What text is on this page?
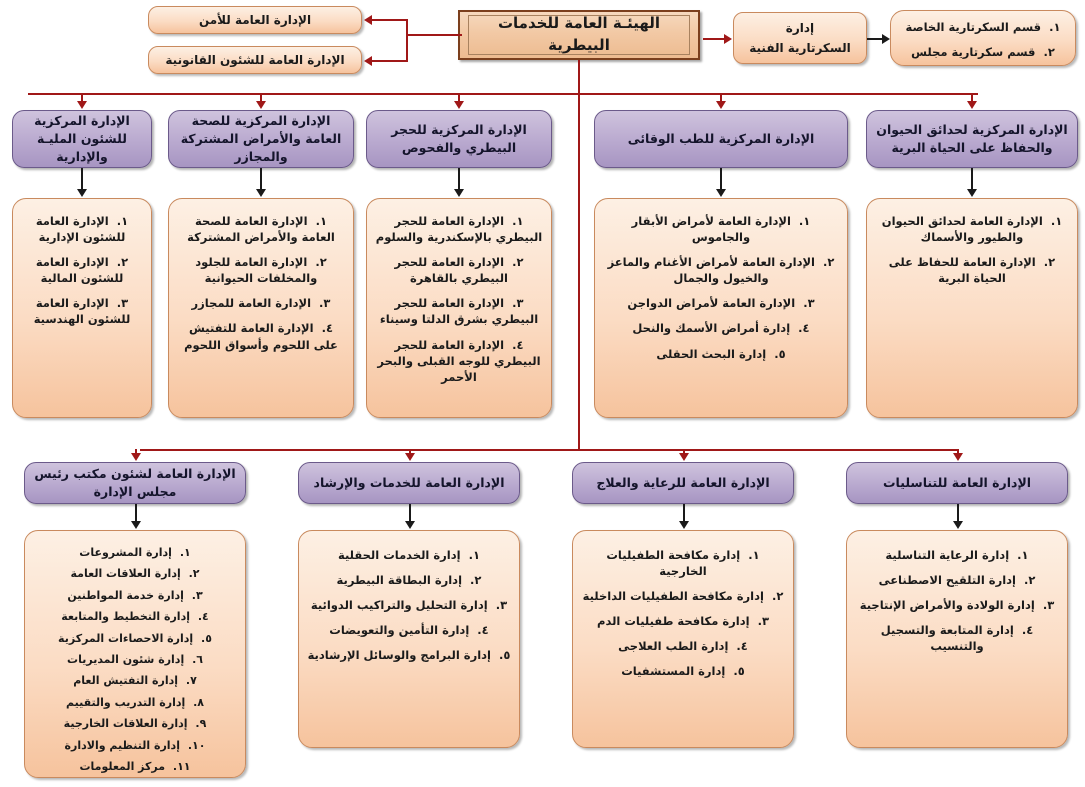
الهيئـة العامة للخدمات البيطرية
الإدارة العامة للأمن
الإدارة العامة للشئون القانونية
إدارة
السكرتارية الفنية
١. قسم السكرتارية الخاصة
٢. قسم سكرتارية مجلس
الإدارة المركزية لحدائق الحيوان والحفاظ على الحياة البرية
الإدارة المركزية للطب الوقائى
الإدارة المركزية للحجر البيطري والفحوص
الإدارة المركزية للصحة العامة والأمراض المشتركة والمجازر
الإدارة المركزية للشئون المليـة والإدارية
١. الإدارة العامة لحدائق الحيوان والطيور والأسماك
٢. الإدارة العامة للحفاظ على الحياة البرية
١. الإدارة العامة لأمراض الأبقار والجاموس
٢. الإدارة العامة لأمراض الأغنام والماعز والخيول والجمال
٣. الإدارة العامة لأمراض الدواجن
٤. إدارة أمراض الأسمك والنحل
٥. إدارة البحث الحقلى
١. الإدارة العامة للحجر البيطري بالإسكندرية والسلوم
٢. الإدارة العامة للحجر البيطري بالقاهرة
٣. الإدارة العامة للحجر البيطري بشرق الدلتا وسيناء
٤. الإدارة العامة للحجر البيطري للوجه القبلى والبحر الأحمر
١. الإدارة العامة للصحة العامة والأمراض المشتركة
٢. الإدارة العامة للجلود والمخلفات الحيوانية
٣. الإدارة العامة للمجازر
٤. الإدارة العامة للتفتيش على اللحوم وأسواق اللحوم
١. الإدارة العامة للشئون الإدارية
٢. الإدارة العامة للشئون المالية
٣. الإدارة العامة للشئون الهندسية
الإدارة العامة للتناسليات
الإدارة العامة للرعاية والعلاج
الإدارة العامة للخدمات والإرشاد
الإدارة العامة لشئون مكتب رئيس مجلس الإدارة
١. إدارة الرعاية التناسلية
٢. إدارة التلقيح الاصطناعى
٣. إدارة الولادة والأمراض الإنتاجية
٤. إدارة المتابعة والتسجيل والتنسيب
١. إدارة مكافحة الطفيليات الخارجية
٢. إدارة مكافحة الطفيليات الداخلية
٣. إدارة مكافحة طفيليات الدم
٤. إدارة الطب العلاجى
٥. إدارة المستشفيات
١. إدارة الخدمات الحقلية
٢. إدارة البطاقة البيطرية
٣. إدارة التحليل والتراكيب الدوائية
٤. إدارة التأمين والتعويضات
٥. إدارة البرامج والوسائل الإرشادية
١. إدارة المشروعات
٢. إدارة العلاقات العامة
٣. إدارة خدمة المواطنين
٤. إدارة التخطيط والمتابعة
٥. إدارة الاحصاءات المركزية
٦. إدارة شئون المديريات
٧. إدارة التفتيش العام
٨. إدارة التدريب والتقييم
٩. إدارة العلاقات الخارجية
١٠. إدارة التنظيم والادارة
١١. مركز المعلومات
